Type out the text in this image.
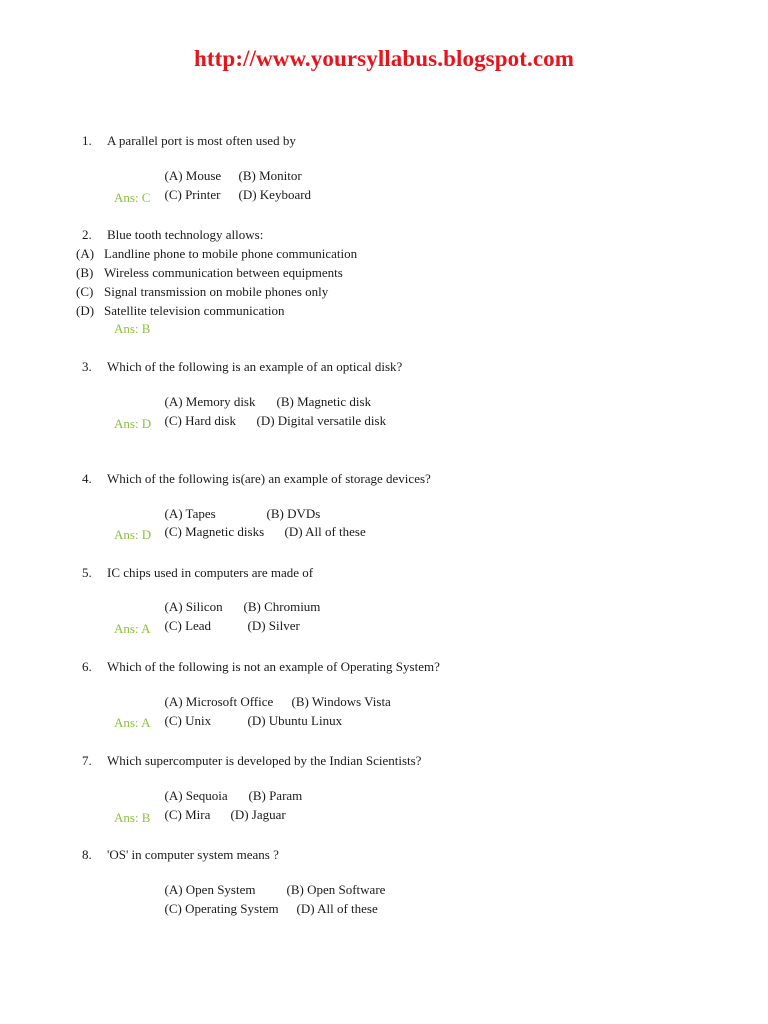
http://www.yoursyllabus.blogspot.com
1. A parallel port is most often used by

(A) Mouse (B) Monitor

(C) Printer (D) Keyboard

Ans: C
2. Blue tooth technology allows:
(A) Landline phone to mobile phone communication
(B) Wireless communication between equipments
(C) Signal transmission on mobile phones only
(D) Satellite television communication
Ans: B
3. Which of the following is an example of an optical disk?

(A) Memory disk (B) Magnetic disk

(C) Hard disk (D) Digital versatile disk

Ans: D
4. Which of the following is(are) an example of storage devices?

(A) Tapes	(B) DVDs

(C) Magnetic disks (D) All of these

Ans: D
5. IC chips used in computers are made of

(A) Silicon (B) Chromium

(C) Lead	(D) Silver

Ans: A
6. Which of the following is not an example of Operating System?

(A) Microsoft Office (B) Windows Vista

(C) Unix	(D) Ubuntu Linux

Ans: A
7. Which supercomputer is developed by the Indian Scientists?

(A) Sequoia (B) Param

(C) Mira (D) Jaguar

Ans: B
8. 'OS' in computer system means ?

(A) Open System (B) Open Software

(C) Operating System (D) All of these
